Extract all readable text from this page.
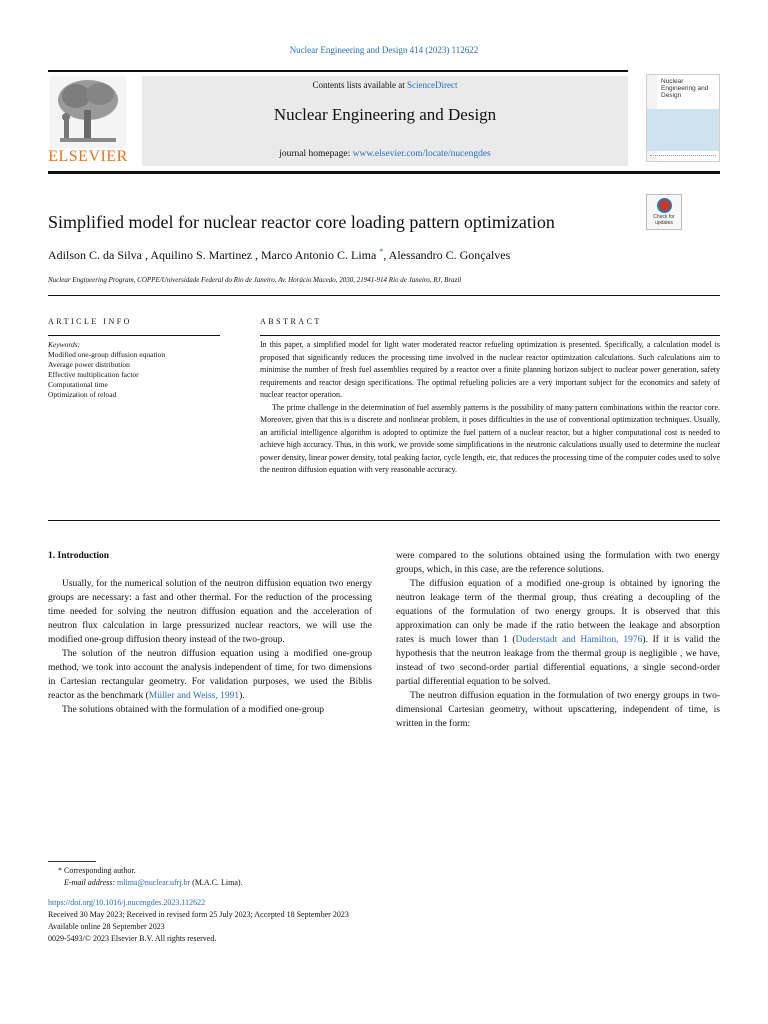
Nuclear Engineering and Design 414 (2023) 112622
ELSEVIER
Contents lists available at ScienceDirect
Nuclear Engineering and Design
journal homepage: www.elsevier.com/locate/nucengdes
Nuclear Engineering and Design
Simplified model for nuclear reactor core loading pattern optimization	Check for updates
Adilson C. da Silva , Aquilino S. Martinez , Marco Antonio C. Lima *, Alessandro C. Gonçalves
Nuclear Engineering Program, COPPE/Universidade Federal do Rio de Janeiro, Av. Horácio Macedo, 2030, 21941-914 Rio de Janeiro, RJ, Brazil
ARTICLE INFO	ABSTRACT
Keywords:
Modified one-group diffusion equation
Average power distribution
Effective multiplication factor
Computational time
Optimization of reload

In this paper, a simplified model for light water moderated reactor refueling optimization is presented. Specifically, a calculation model is proposed that significantly reduces the processing time involved in the nuclear reactor optimization calculations. Such calculations aim to minimise the number of fresh fuel assemblies required by a reactor over a finite planning horizon subject to nuclear power generation, safety requirements and reactor design specifications. The optimal refueling policies are a very important subject for the economics and safety of nuclear reactor operation.

The prime challenge in the determination of fuel assembly patterns is the possibility of many pattern combinations within the reactor core. Moreover, given that this is a discrete and nonlinear problem, it poses difficulties in the use of conventional optimization techniques. Usually, an artificial intelligence algorithm is adopted to optimize the fuel pattern of a nuclear reactor, but a higher computational cost is needed to achieve high accuracy. Thus, in this work, we provide some simplifications in the neutronic calculations usually used to determine the nuclear power density, linear power density, total peaking factor, cycle length, etc, that reduces the processing time of the computer codes used to solve the neutron diffusion equation with very reasonable accuracy.

1. Introduction

Usually, for the numerical solution of the neutron diffusion equation two energy groups are necessary: a fast and other thermal. For the reduction of the processing time needed for solving the neutron diffusion equation and the acceleration of neutron flux calculation in large pressurized nuclear reactors, we will use the modified one-group diffusion theory instead of the two-group.

The solution of the neutron diffusion equation using a modified one-group method, we took into account the analysis independent of time, for two dimensions in Cartesian rectangular geometry. For validation purposes, we used the Biblis reactor as the benchmark (Müller and Weiss, 1991).

The solutions obtained with the formulation of a modified one-group

were compared to the solutions obtained using the formulation with two energy groups, which, in this case, are the reference solutions.

The diffusion equation of a modified one-group is obtained by ignoring the neutron leakage term of the thermal group, thus creating a decoupling of the equations of the formulation of two energy groups. It is observed that this approximation can only be made if the ratio between the leakage and absorption rates is much lower than 1 (Duderstadt and Hamilton, 1976). If it is valid the hypothesis that the neutron leakage from the thermal group is negligible , we have, instead of two second-order partial differential equations, a single second-order partial differential equation to be solved.

The neutron diffusion equation in the formulation of two energy groups in two-dimensional Cartesian geometry, without upscattering, independent of time, is written in the form:

* Corresponding author.
E-mail address: mlima@nuclear.ufrj.br (M.A.C. Lima).
https://doi.org/10.1016/j.nucengdes.2023.112622
Received 30 May 2023; Received in revised form 25 July 2023; Accepted 18 September 2023
Available online 28 September 2023
0029-5493/© 2023 Elsevier B.V. All rights reserved.
